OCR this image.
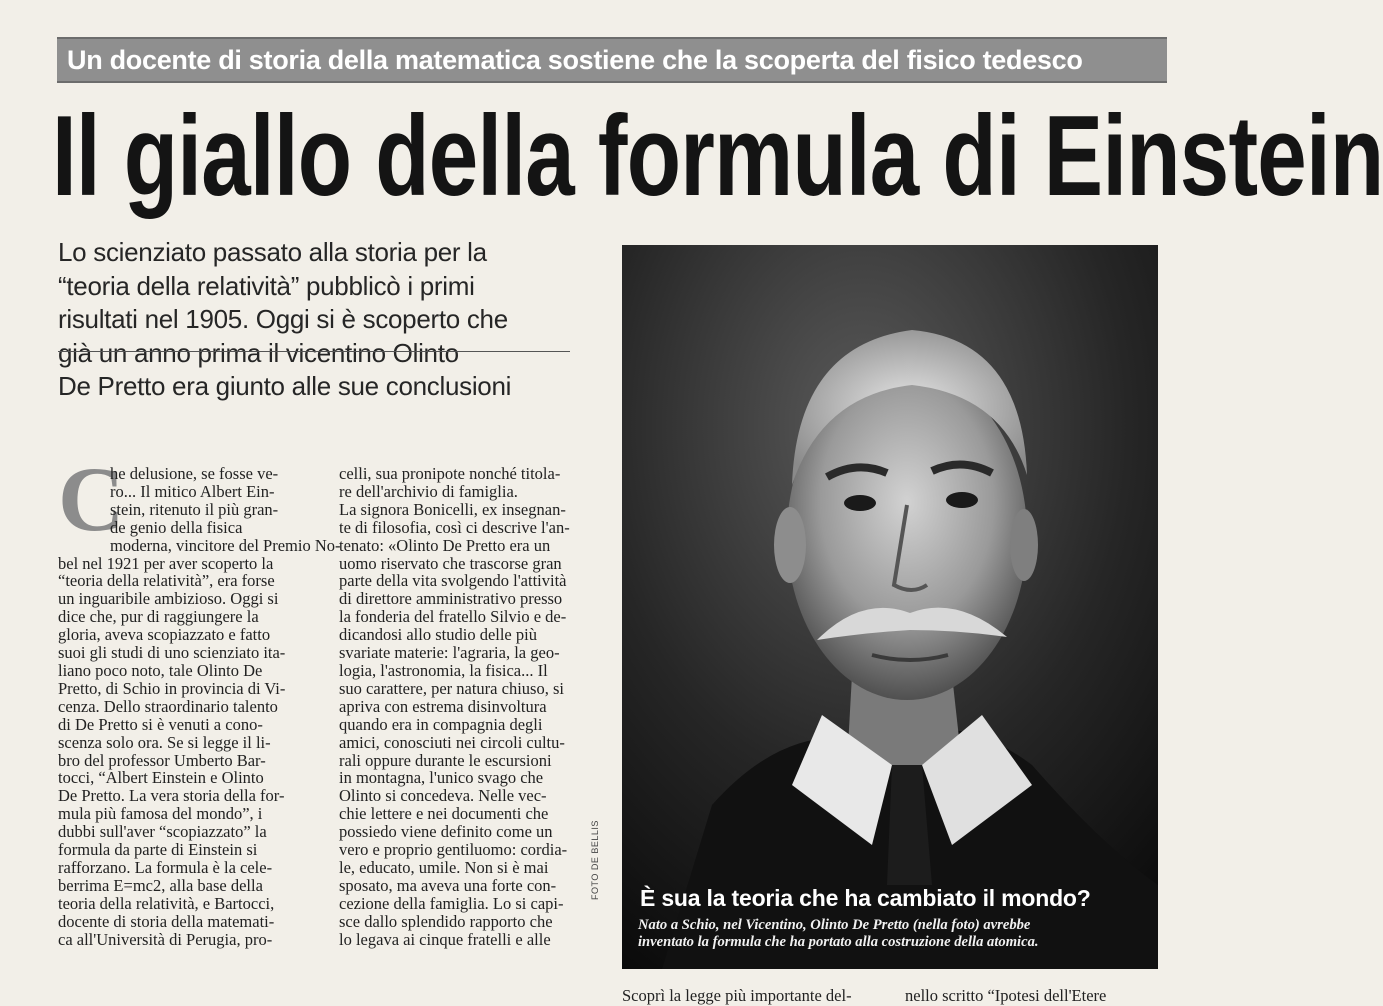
Un docente di storia della matematica sostiene che la scoperta del fisico tedesco
Il giallo della formula di Einstein
Lo scienziato passato alla storia per la
“teoria della relatività” pubblicò i primi
risultati nel 1905. Oggi si è scoperto che
già un anno prima il vicentino Olinto
De Pretto era giunto alle sue conclusioni
C
he delusione, se fosse ve-
ro... Il mitico Albert Ein-
stein, ritenuto il più gran-
de genio della fisica
moderna, vincitore del Premio No-
bel nel 1921 per aver scoperto la
“teoria della relatività”, era forse
un inguaribile ambizioso. Oggi si
dice che, pur di raggiungere la
gloria, aveva scopiazzato e fatto
suoi gli studi di uno scienziato ita-
liano poco noto, tale Olinto De
Pretto, di Schio in provincia di Vi-
cenza. Dello straordinario talento
di De Pretto si è venuti a cono-
scenza solo ora. Se si legge il li-
bro del professor Umberto Bar-
tocci, “Albert Einstein e Olinto
De Pretto. La vera storia della for-
mula più famosa del mondo”, i
dubbi sull'aver “scopiazzato” la
formula da parte di Einstein si
rafforzano. La formula è la cele-
berrima E=mc2, alla base della
teoria della relatività, e Bartocci,
docente di storia della matemati-
ca all'Università di Perugia, pro-
celli, sua pronipote nonché titola-
re dell'archivio di famiglia.
La signora Bonicelli, ex insegnan-
te di filosofia, così ci descrive l'an-
tenato: «Olinto De Pretto era un
uomo riservato che trascorse gran
parte della vita svolgendo l'attività
di direttore amministrativo presso
la fonderia del fratello Silvio e de-
dicandosi allo studio delle più
svariate materie: l'agraria, la geo-
logia, l'astronomia, la fisica... Il
suo carattere, per natura chiuso, si
apriva con estrema disinvoltura
quando era in compagnia degli
amici, conosciuti nei circoli cultu-
rali oppure durante le escursioni
in montagna, l'unico svago che
Olinto si concedeva. Nelle vec-
chie lettere e nei documenti che
possiedo viene definito come un
vero e proprio gentiluomo: cordia-
le, educato, umile. Non si è mai
sposato, ma aveva una forte con-
cezione della famiglia. Lo si capi-
sce dallo splendido rapporto che
lo legava ai cinque fratelli e alle
È sua la teoria che ha cambiato il mondo?
Nato a Schio, nel Vicentino, Olinto De Pretto (nella foto) avrebbe
inventato la formula che ha portato alla costruzione della atomica.
FOTO DE BELLIS
Scoprì la legge più importante del-	nello scritto “Ipotesi dell'Etere
